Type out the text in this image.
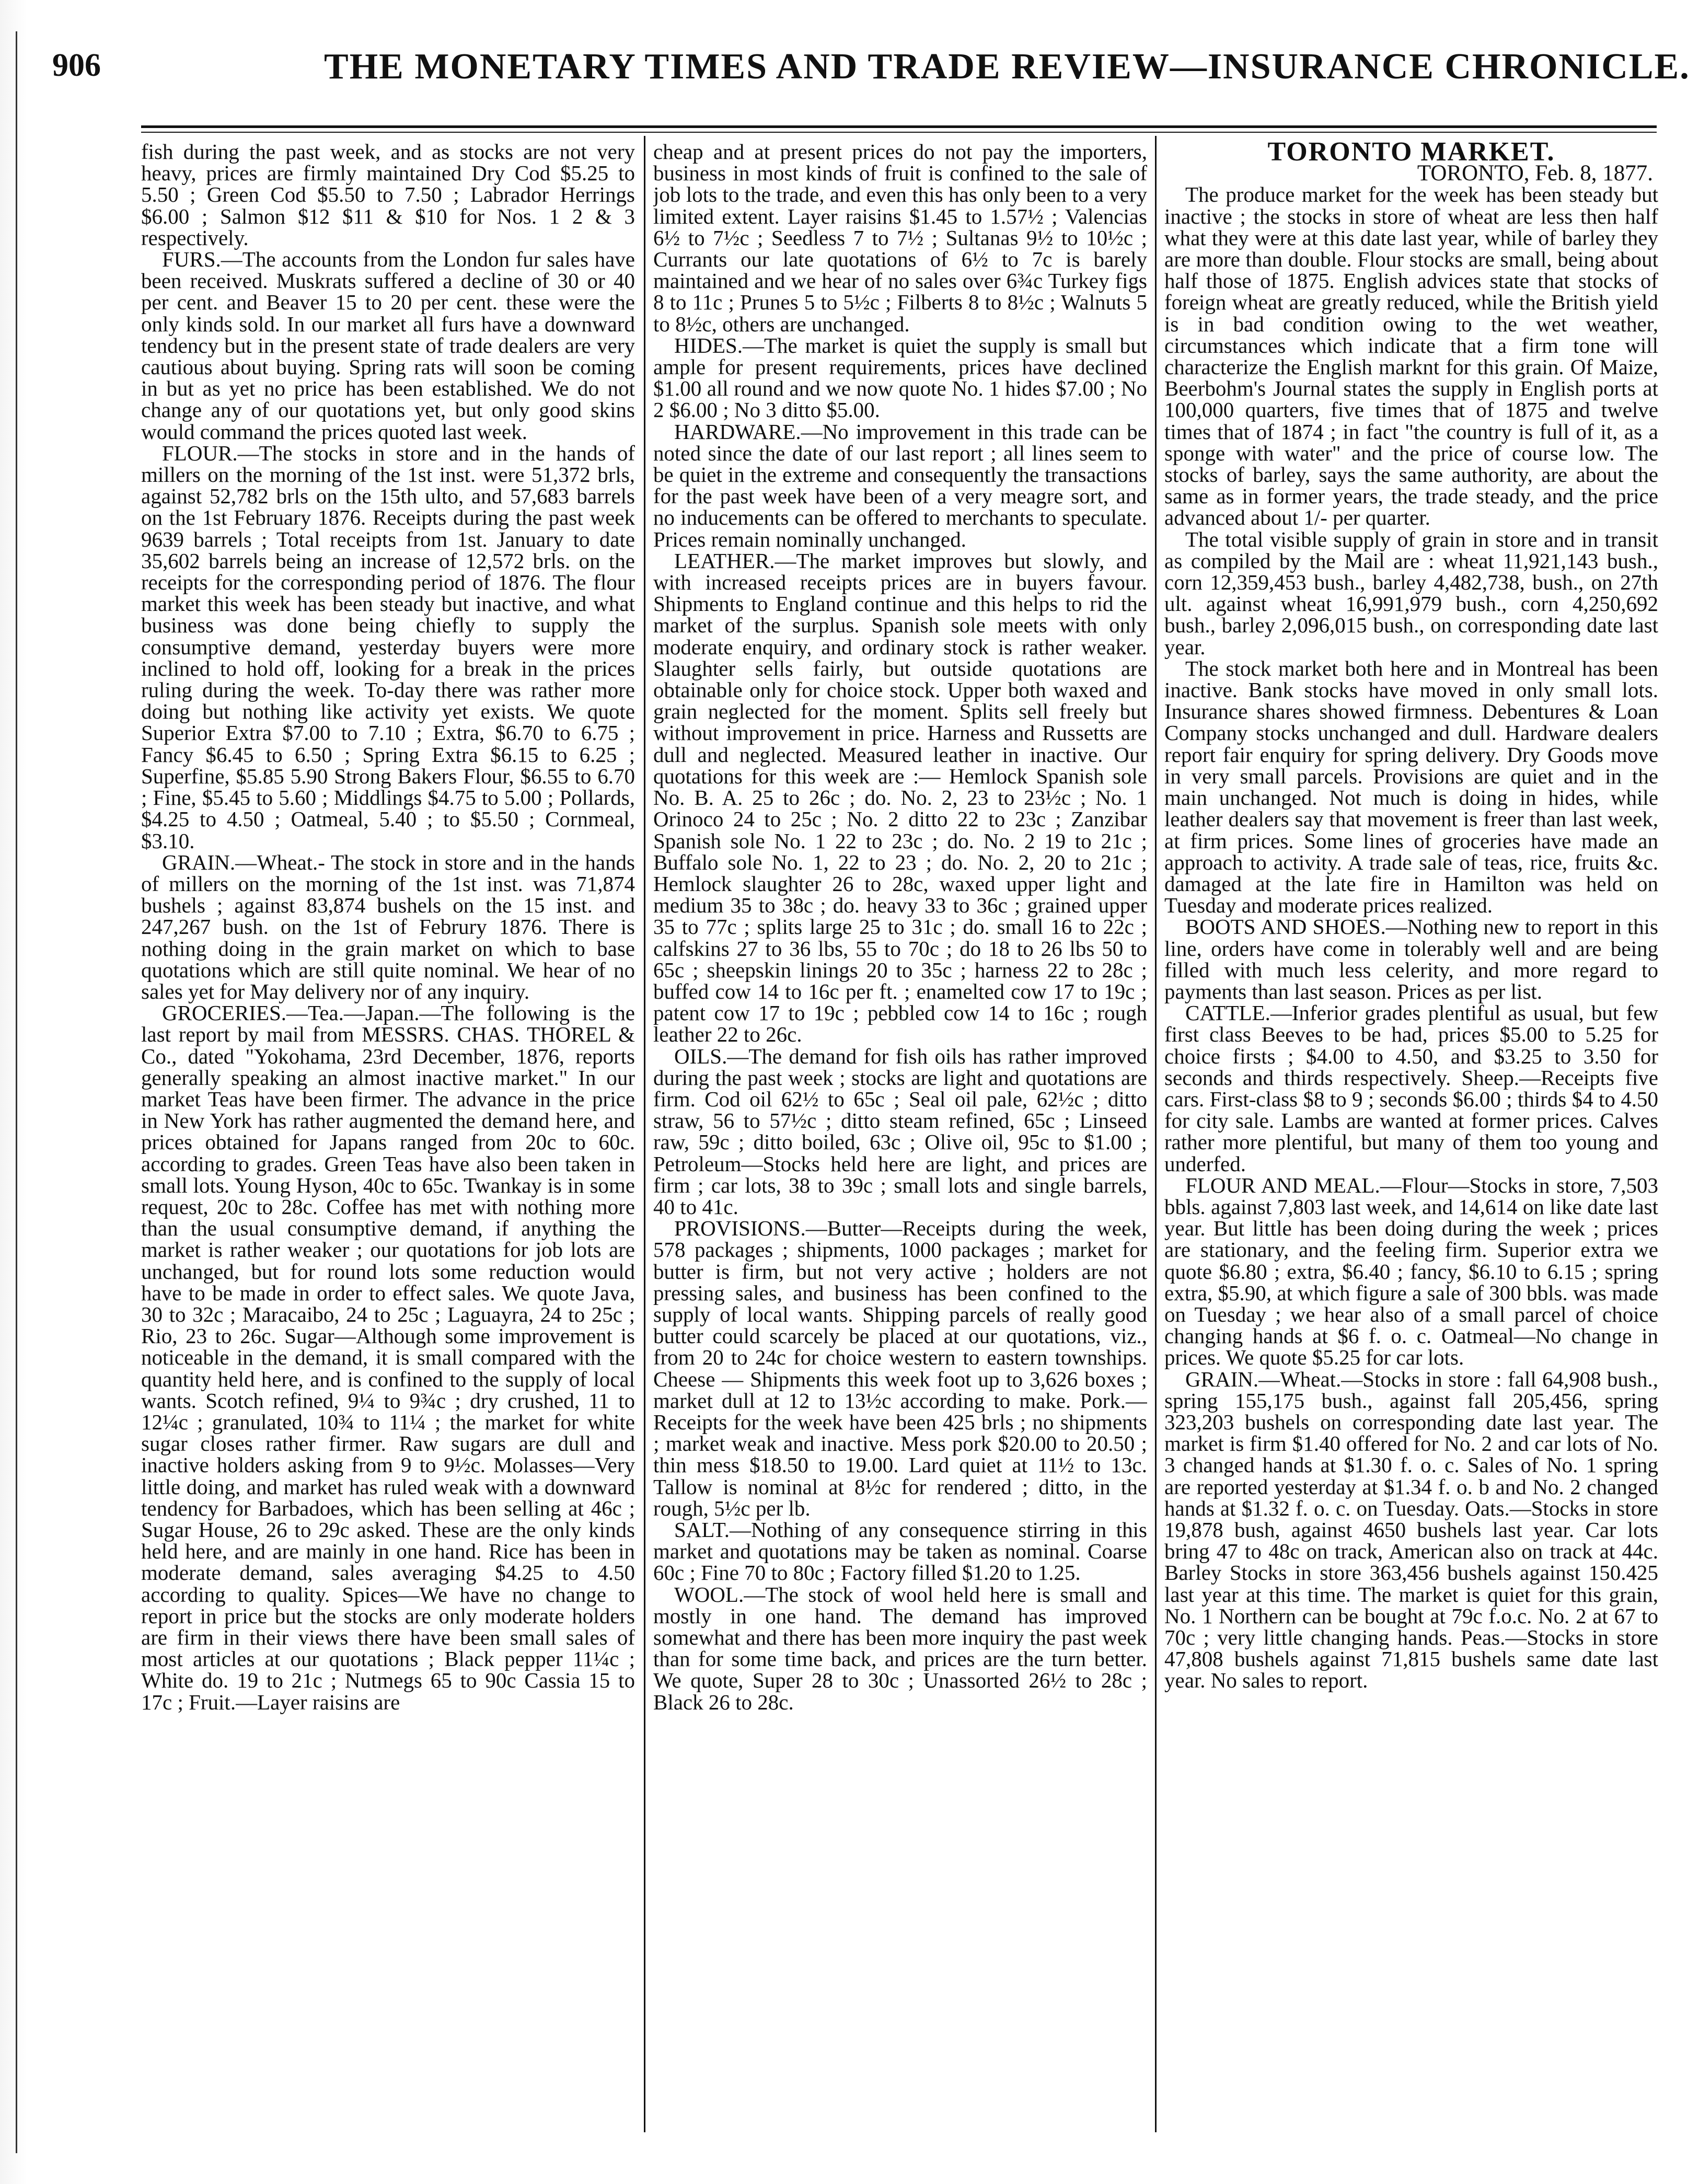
906	THE MONETARY TIMES AND TRADE REVIEW—INSURANCE CHRONICLE.

fish during the past week, and as stocks are not very heavy, prices are firmly maintained Dry Cod $5.25 to 5.50 ; Green Cod $5.50 to 7.50 ; Labrador Herrings $6.00 ; Salmon $12 $11 & $10 for Nos. 1 2 & 3 respectively.

FURS.—The accounts from the London fur sales have been received. Muskrats suffered a decline of 30 or 40 per cent. and Beaver 15 to 20 per cent. these were the only kinds sold. In our market all furs have a downward tendency but in the present state of trade dealers are very cautious about buying. Spring rats will soon be coming in but as yet no price has been established. We do not change any of our quotations yet, but only good skins would command the prices quoted last week.

FLOUR.—The stocks in store and in the hands of millers on the morning of the 1st inst. were 51,372 brls, against 52,782 brls on the 15th ulto, and 57,683 barrels on the 1st February 1876. Receipts during the past week 9639 barrels ; Total receipts from 1st. January to date 35,602 barrels being an increase of 12,572 brls. on the receipts for the corresponding period of 1876. The flour market this week has been steady but inactive, and what business was done being chiefly to supply the consumptive demand, yesterday buyers were more inclined to hold off, looking for a break in the prices ruling during the week. To-day there was rather more doing but nothing like activity yet exists. We quote Superior Extra $7.00 to 7.10 ; Extra, $6.70 to 6.75 ; Fancy $6.45 to 6.50 ; Spring Extra $6.15 to 6.25 ; Superfine, $5.85 5.90 Strong Bakers Flour, $6.55 to 6.70 ; Fine, $5.45 to 5.60 ; Middlings $4.75 to 5.00 ; Pollards, $4.25 to 4.50 ; Oatmeal, 5.40 ; to $5.50 ; Cornmeal, $3.10.

GRAIN.—Wheat.- The stock in store and in the hands of millers on the morning of the 1st inst. was 71,874 bushels ; against 83,874 bushels on the 15 inst. and 247,267 bush. on the 1st of Februry 1876. There is nothing doing in the grain market on which to base quotations which are still quite nominal. We hear of no sales yet for May delivery nor of any inquiry.

GROCERIES.—Tea.—Japan.—The following is the last report by mail from MESSRS. CHAS. THOREL & Co., dated "Yokohama, 23rd December, 1876, reports generally speaking an almost inactive market." In our market Teas have been firmer. The advance in the price in New York has rather augmented the demand here, and prices obtained for Japans ranged from 20c to 60c. according to grades. Green Teas have also been taken in small lots. Young Hyson, 40c to 65c. Twankay is in some request, 20c to 28c. Coffee has met with nothing more than the usual consumptive demand, if anything the market is rather weaker ; our quotations for job lots are unchanged, but for round lots some reduction would have to be made in order to effect sales. We quote Java, 30 to 32c ; Maracaibo, 24 to 25c ; Laguayra, 24 to 25c ; Rio, 23 to 26c. Sugar—Although some improvement is noticeable in the demand, it is small compared with the quantity held here, and is confined to the supply of local wants. Scotch refined, 9¼ to 9¾c ; dry crushed, 11 to 12¼c ; granulated, 10¾ to 11¼ ; the market for white sugar closes rather firmer. Raw sugars are dull and inactive holders asking from 9 to 9½c. Molasses—Very little doing, and market has ruled weak with a downward tendency for Barbadoes, which has been selling at 46c ; Sugar House, 26 to 29c asked. These are the only kinds held here, and are mainly in one hand. Rice has been in moderate demand, sales averaging $4.25 to 4.50 according to quality. Spices—We have no change to report in price but the stocks are only moderate holders are firm in their views there have been small sales of most articles at our quotations ; Black pepper 11¼c ; White do. 19 to 21c ; Nutmegs 65 to 90c Cassia 15 to 17c ; Fruit.—Layer raisins are

cheap and at present prices do not pay the importers, business in most kinds of fruit is confined to the sale of job lots to the trade, and even this has only been to a very limited extent. Layer raisins $1.45 to 1.57½ ; Valencias 6½ to 7½c ; Seedless 7 to 7½ ; Sultanas 9½ to 10½c ; Currants our late quotations of 6½ to 7c is barely maintained and we hear of no sales over 6¾c Turkey figs 8 to 11c ; Prunes 5 to 5½c ; Filberts 8 to 8½c ; Walnuts 5 to 8½c, others are unchanged.

HIDES.—The market is quiet the supply is small but ample for present requirements, prices have declined $1.00 all round and we now quote No. 1 hides $7.00 ; No 2 $6.00 ; No 3 ditto $5.00.

HARDWARE.—No improvement in this trade can be noted since the date of our last report ; all lines seem to be quiet in the extreme and consequently the transactions for the past week have been of a very meagre sort, and no inducements can be offered to merchants to speculate. Prices remain nominally unchanged.

LEATHER.—The market improves but slowly, and with increased receipts prices are in buyers favour. Shipments to England continue and this helps to rid the market of the surplus. Spanish sole meets with only moderate enquiry, and ordinary stock is rather weaker. Slaughter sells fairly, but outside quotations are obtainable only for choice stock. Upper both waxed and grain neglected for the moment. Splits sell freely but without improvement in price. Harness and Russetts are dull and neglected. Measured leather in inactive. Our quotations for this week are :— Hemlock Spanish sole No. B. A. 25 to 26c ; do. No. 2, 23 to 23½c ; No. 1 Orinoco 24 to 25c ; No. 2 ditto 22 to 23c ; Zanzibar Spanish sole No. 1 22 to 23c ; do. No. 2 19 to 21c ; Buffalo sole No. 1, 22 to 23 ; do. No. 2, 20 to 21c ; Hemlock slaughter 26 to 28c, waxed upper light and medium 35 to 38c ; do. heavy 33 to 36c ; grained upper 35 to 77c ; splits large 25 to 31c ; do. small 16 to 22c ; calfskins 27 to 36 lbs, 55 to 70c ; do 18 to 26 lbs 50 to 65c ; sheepskin linings 20 to 35c ; harness 22 to 28c ; buffed cow 14 to 16c per ft. ; enamelted cow 17 to 19c ; patent cow 17 to 19c ; pebbled cow 14 to 16c ; rough leather 22 to 26c.

OILS.—The demand for fish oils has rather improved during the past week ; stocks are light and quotations are firm. Cod oil 62½ to 65c ; Seal oil pale, 62½c ; ditto straw, 56 to 57½c ; ditto steam refined, 65c ; Linseed raw, 59c ; ditto boiled, 63c ; Olive oil, 95c to $1.00 ; Petroleum—Stocks held here are light, and prices are firm ; car lots, 38 to 39c ; small lots and single barrels, 40 to 41c.

PROVISIONS.—Butter—Receipts during the week, 578 packages ; shipments, 1000 packages ; market for butter is firm, but not very active ; holders are not pressing sales, and business has been confined to the supply of local wants. Shipping parcels of really good butter could scarcely be placed at our quotations, viz., from 20 to 24c for choice western to eastern townships. Cheese — Shipments this week foot up to 3,626 boxes ; market dull at 12 to 13½c according to make. Pork.—Receipts for the week have been 425 brls ; no shipments ; market weak and inactive. Mess pork $20.00 to 20.50 ; thin mess $18.50 to 19.00. Lard quiet at 11½ to 13c. Tallow is nominal at 8½c for rendered ; ditto, in the rough, 5½c per lb.

SALT.—Nothing of any consequence stirring in this market and quotations may be taken as nominal. Coarse 60c ; Fine 70 to 80c ; Factory filled $1.20 to 1.25.

WOOL.—The stock of wool held here is small and mostly in one hand. The demand has improved somewhat and there has been more inquiry the past week than for some time back, and prices are the turn better. We quote, Super 28 to 30c ; Unassorted 26½ to 28c ; Black 26 to 28c.

TORONTO MARKET.

TORONTO, Feb. 8, 1877.

The produce market for the week has been steady but inactive ; the stocks in store of wheat are less then half what they were at this date last year, while of barley they are more than double. Flour stocks are small, being about half those of 1875. English advices state that stocks of foreign wheat are greatly reduced, while the British yield is in bad condition owing to the wet weather, circumstances which indicate that a firm tone will characterize the English marknt for this grain. Of Maize, Beerbohm's Journal states the supply in English ports at 100,000 quarters, five times that of 1875 and twelve times that of 1874 ; in fact "the country is full of it, as a sponge with water" and the price of course low. The stocks of barley, says the same authority, are about the same as in former years, the trade steady, and the price advanced about 1/- per quarter.

The total visible supply of grain in store and in transit as compiled by the Mail are : wheat 11,921,143 bush., corn 12,359,453 bush., barley 4,482,738, bush., on 27th ult. against wheat 16,991,979 bush., corn 4,250,692 bush., barley 2,096,015 bush., on corresponding date last year.

The stock market both here and in Montreal has been inactive. Bank stocks have moved in only small lots. Insurance shares showed firmness. Debentures & Loan Company stocks unchanged and dull. Hardware dealers report fair enquiry for spring delivery. Dry Goods move in very small parcels. Provisions are quiet and in the main unchanged. Not much is doing in hides, while leather dealers say that movement is freer than last week, at firm prices. Some lines of groceries have made an approach to activity. A trade sale of teas, rice, fruits &c. damaged at the late fire in Hamilton was held on Tuesday and moderate prices realized.

BOOTS AND SHOES.—Nothing new to report in this line, orders have come in tolerably well and are being filled with much less celerity, and more regard to payments than last season. Prices as per list.

CATTLE.—Inferior grades plentiful as usual, but few first class Beeves to be had, prices $5.00 to 5.25 for choice firsts ; $4.00 to 4.50, and $3.25 to 3.50 for seconds and thirds respectively. Sheep.—Receipts five cars. First-class $8 to 9 ; seconds $6.00 ; thirds $4 to 4.50 for city sale. Lambs are wanted at former prices. Calves rather more plentiful, but many of them too young and underfed.

FLOUR AND MEAL.—Flour—Stocks in store, 7,503 bbls. against 7,803 last week, and 14,614 on like date last year. But little has been doing during the week ; prices are stationary, and the feeling firm. Superior extra we quote $6.80 ; extra, $6.40 ; fancy, $6.10 to 6.15 ; spring extra, $5.90, at which figure a sale of 300 bbls. was made on Tuesday ; we hear also of a small parcel of choice changing hands at $6 f. o. c. Oatmeal—No change in prices. We quote $5.25 for car lots.

GRAIN.—Wheat.—Stocks in store : fall 64,908 bush., spring 155,175 bush., against fall 205,456, spring 323,203 bushels on corresponding date last year. The market is firm $1.40 offered for No. 2 and car lots of No. 3 changed hands at $1.30 f. o. c. Sales of No. 1 spring are reported yesterday at $1.34 f. o. b and No. 2 changed hands at $1.32 f. o. c. on Tuesday. Oats.—Stocks in store 19,878 bush, against 4650 bushels last year. Car lots bring 47 to 48c on track, American also on track at 44c. Barley Stocks in store 363,456 bushels against 150.425 last year at this time. The market is quiet for this grain, No. 1 Northern can be bought at 79c f.o.c. No. 2 at 67 to 70c ; very little changing hands. Peas.—Stocks in store 47,808 bushels against 71,815 bushels same date last year. No sales to report.
